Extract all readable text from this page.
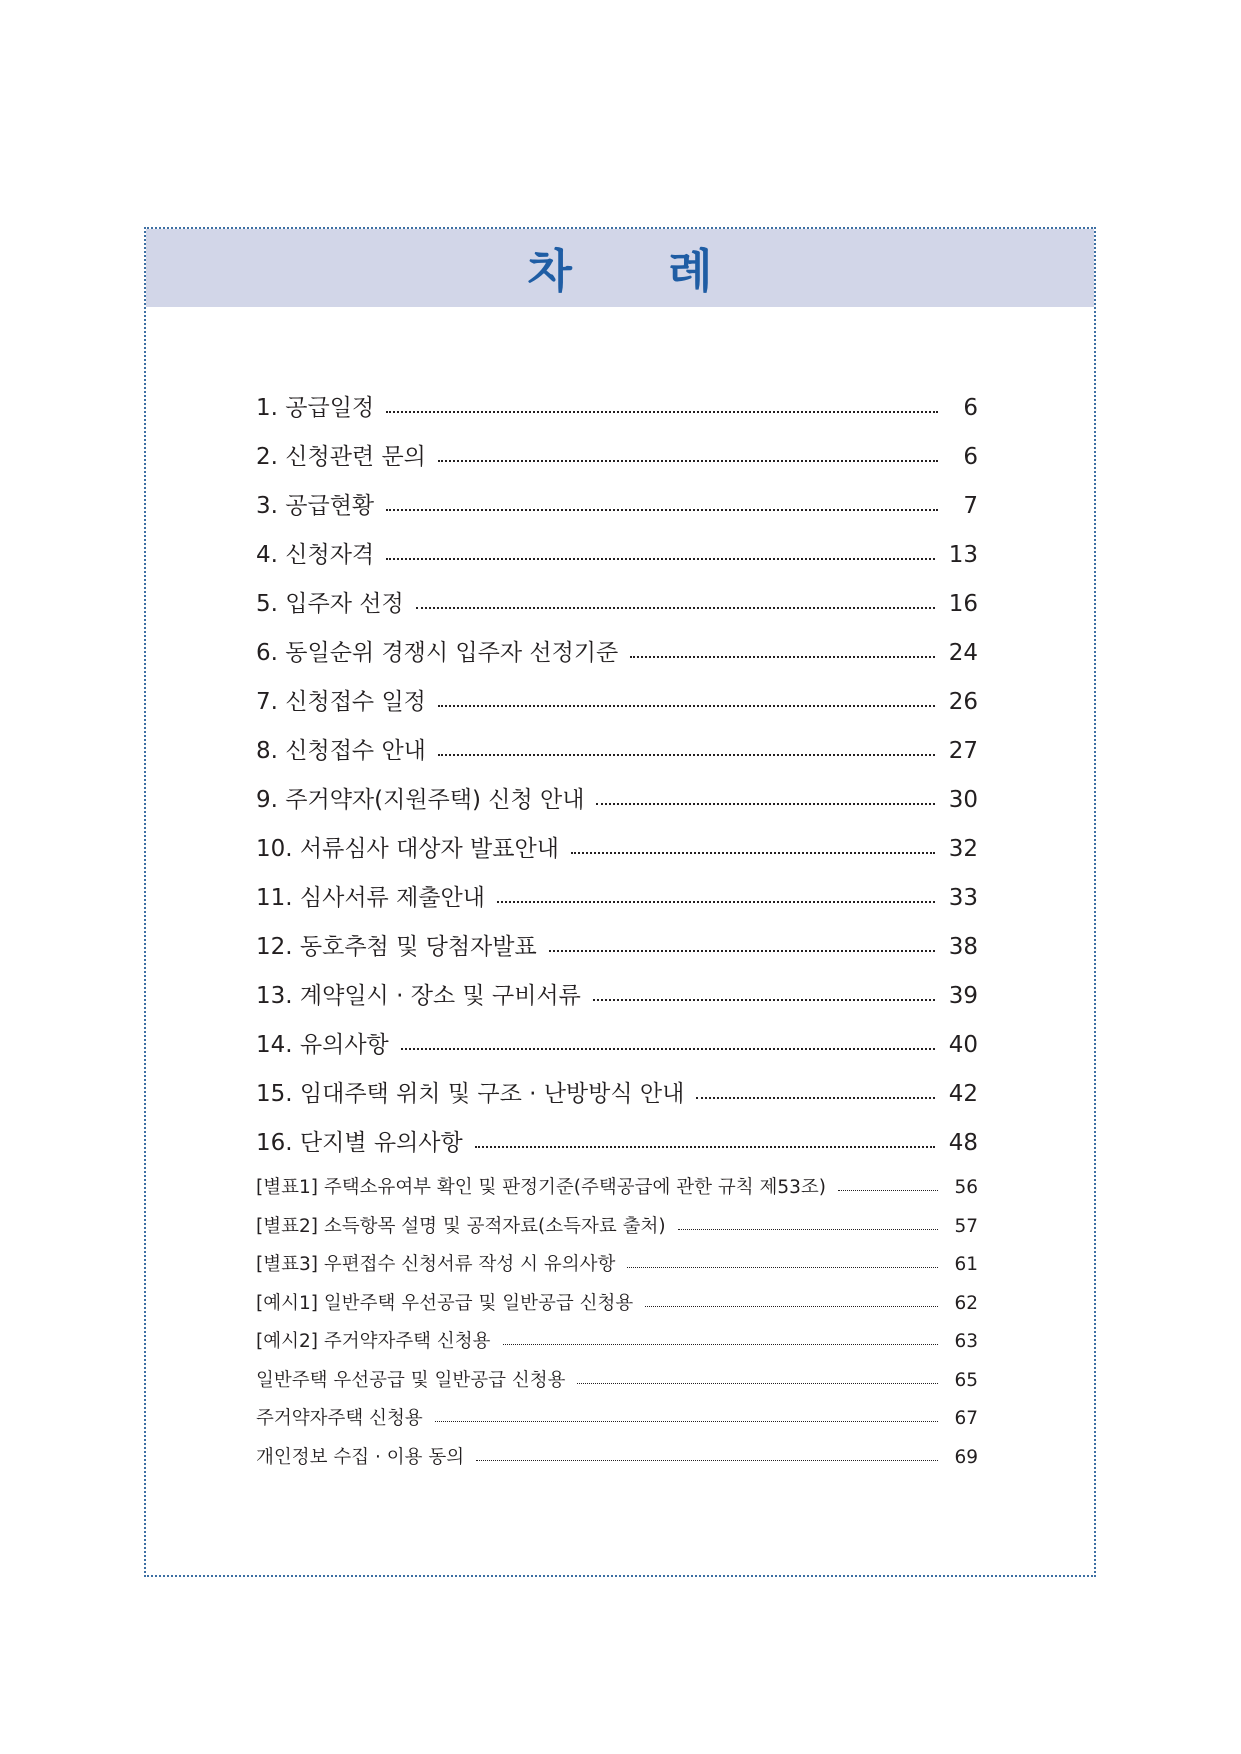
차 례
1. 공급일정	6
2. 신청관련 문의	6
3. 공급현황	7
4. 신청자격	13
5. 입주자 선정	16
6. 동일순위 경쟁시 입주자 선정기준	24
7. 신청접수 일정	26
8. 신청접수 안내	27
9. 주거약자(지원주택) 신청 안내	30
10. 서류심사 대상자 발표안내	32
11. 심사서류 제출안내	33
12. 동호추첨 및 당첨자발표	38
13. 계약일시 · 장소 및 구비서류	39
14. 유의사항	40
15. 임대주택 위치 및 구조 · 난방방식 안내	42
16. 단지별 유의사항	48
[별표1] 주택소유여부 확인 및 판정기준(주택공급에 관한 규칙 제53조)	56
[별표2] 소득항목 설명 및 공적자료(소득자료 출처)	57
[별표3] 우편접수 신청서류 작성 시 유의사항	61
[예시1] 일반주택 우선공급 및 일반공급 신청용	62
[예시2] 주거약자주택 신청용	63
일반주택 우선공급 및 일반공급 신청용	65
주거약자주택 신청용	67
개인정보 수집 · 이용 동의	69
